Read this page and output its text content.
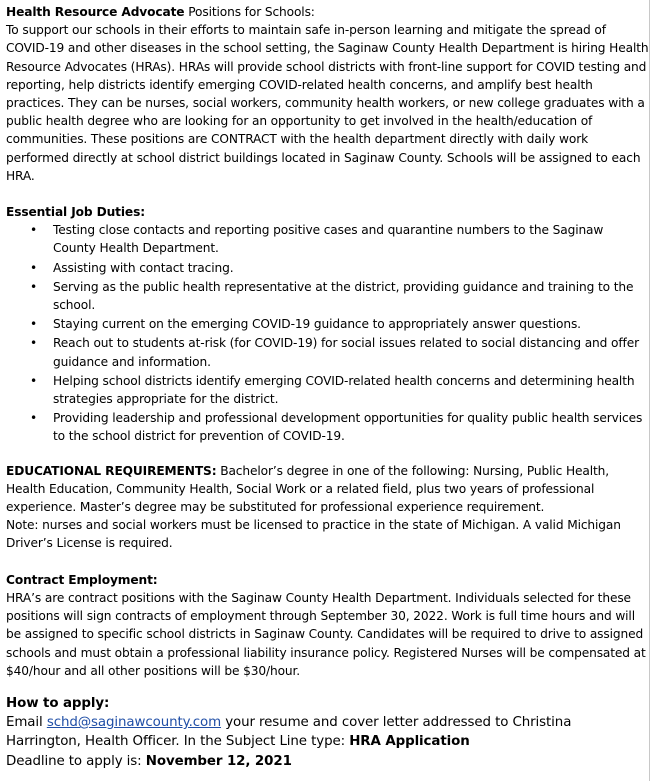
Health Resource Advocate Positions for Schools:

To support our schools in their efforts to maintain safe in-person learning and mitigate the spread of COVID-19 and other diseases in the school setting, the Saginaw County Health Department is hiring Health Resource Advocates (HRAs). HRAs will provide school districts with front-line support for COVID testing and reporting, help districts identify emerging COVID-related health concerns, and amplify best health practices. They can be nurses, social workers, community health workers, or new college graduates with a public health degree who are looking for an opportunity to get involved in the health/education of communities. These positions are CONTRACT with the health department directly with daily work performed directly at school district buildings located in Saginaw County. Schools will be assigned to each HRA.

Essential Job Duties:

• Testing close contacts and reporting positive cases and quarantine numbers to the Saginaw County Health Department.
• Assisting with contact tracing.
• Serving as the public health representative at the district, providing guidance and training to the school.
• Staying current on the emerging COVID-19 guidance to appropriately answer questions.
• Reach out to students at-risk (for COVID-19) for social issues related to social distancing and offer guidance and information.
• Helping school districts identify emerging COVID-related health concerns and determining health strategies appropriate for the district.
• Providing leadership and professional development opportunities for quality public health services to the school district for prevention of COVID-19.

EDUCATIONAL REQUIREMENTS: Bachelor’s degree in one of the following: Nursing, Public Health, Health Education, Community Health, Social Work or a related field, plus two years of professional experience. Master’s degree may be substituted for professional experience requirement.

Note: nurses and social workers must be licensed to practice in the state of Michigan. A valid Michigan Driver’s License is required.

Contract Employment:

HRA’s are contract positions with the Saginaw County Health Department. Individuals selected for these positions will sign contracts of employment through September 30, 2022. Work is full time hours and will be assigned to specific school districts in Saginaw County. Candidates will be required to drive to assigned schools and must obtain a professional liability insurance policy. Registered Nurses will be compensated at $40/hour and all other positions will be $30/hour.

How to apply:

Email schd@saginawcounty.com your resume and cover letter addressed to Christina Harrington, Health Officer. In the Subject Line type: HRA Application

Deadline to apply is: November 12, 2021
